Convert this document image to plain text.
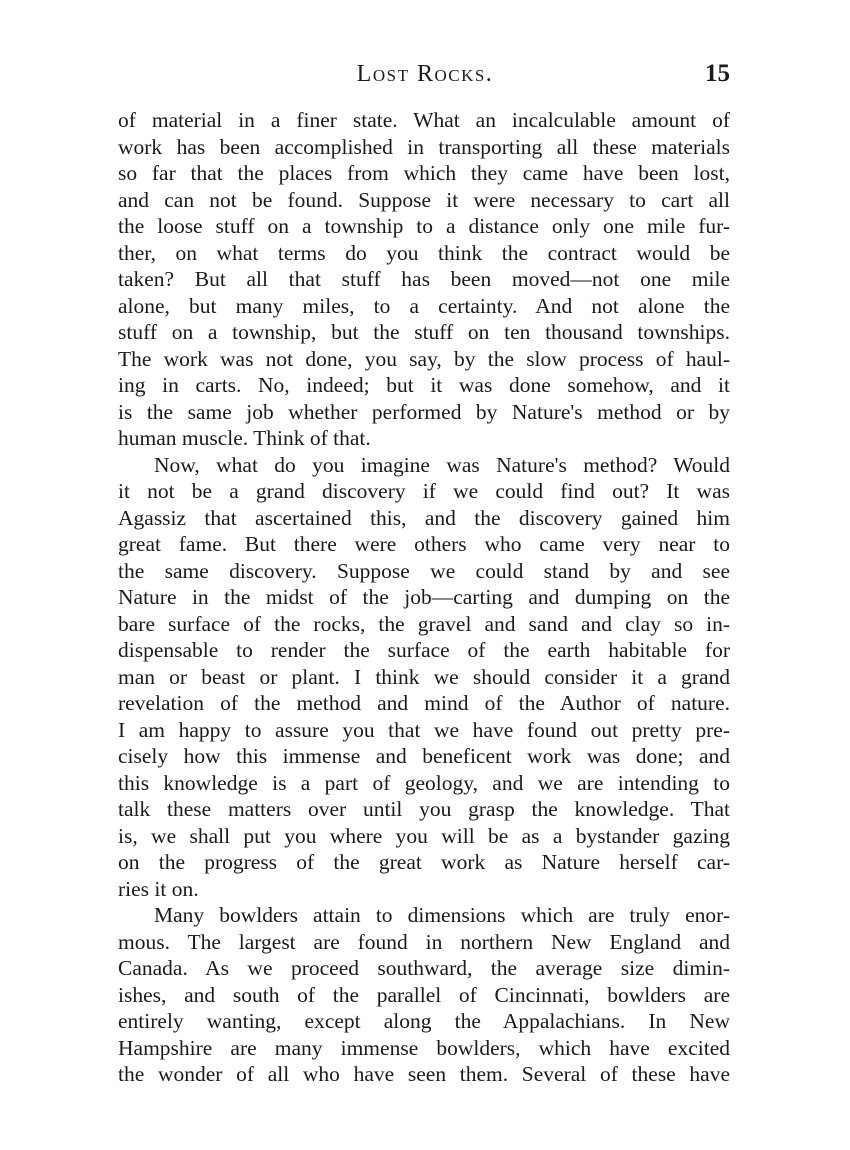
Lost Rocks.	15
of material in a finer state. What an incalculable amount of
work has been accomplished in transporting all these materials
so far that the places from which they came have been lost,
and can not be found. Suppose it were necessary to cart all
the loose stuff on a township to a distance only one mile fur-
ther, on what terms do you think the contract would be
taken? But all that stuff has been moved—not one mile
alone, but many miles, to a certainty. And not alone the
stuff on a township, but the stuff on ten thousand townships.
The work was not done, you say, by the slow process of haul-
ing in carts. No, indeed; but it was done somehow, and it
is the same job whether performed by Nature's method or by
human muscle. Think of that.
Now, what do you imagine was Nature's method? Would
it not be a grand discovery if we could find out? It was
Agassiz that ascertained this, and the discovery gained him
great fame. But there were others who came very near to
the same discovery. Suppose we could stand by and see
Nature in the midst of the job—carting and dumping on the
bare surface of the rocks, the gravel and sand and clay so in-
dispensable to render the surface of the earth habitable for
man or beast or plant. I think we should consider it a grand
revelation of the method and mind of the Author of nature.
I am happy to assure you that we have found out pretty pre-
cisely how this immense and beneficent work was done; and
this knowledge is a part of geology, and we are intending to
talk these matters over until you grasp the knowledge. That
is, we shall put you where you will be as a bystander gazing
on the progress of the great work as Nature herself car-
ries it on.
Many bowlders attain to dimensions which are truly enor-
mous. The largest are found in northern New England and
Canada. As we proceed southward, the average size dimin-
ishes, and south of the parallel of Cincinnati, bowlders are
entirely wanting, except along the Appalachians. In New
Hampshire are many immense bowlders, which have excited
the wonder of all who have seen them. Several of these have
